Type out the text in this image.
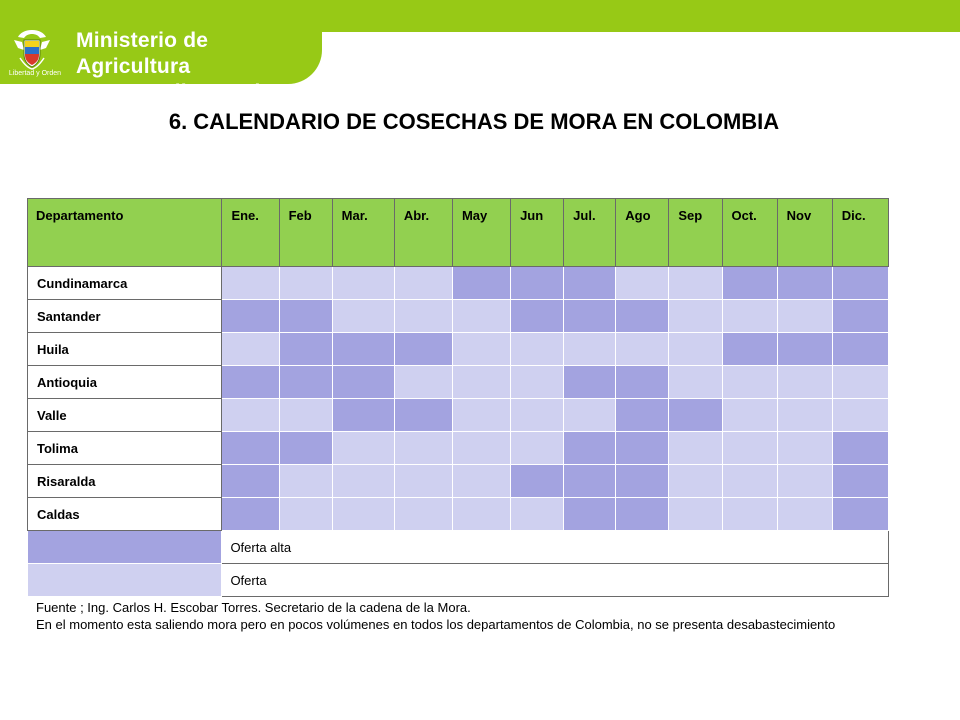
Libertad y Orden
Ministerio de Agricultura
y Desarrollo Rural
6. CALENDARIO DE COSECHAS DE MORA EN COLOMBIA
Departamento	Ene.	Feb	Mar.	Abr.	May	Jun	Jul.	Ago	Sep	Oct.	Nov	Dic.
Cundinamarca												
Santander												
Huila												
Antioquia												
Valle												
Tolima												
Risaralda												
Caldas												
	Oferta alta											
	Oferta											
Fuente ; Ing. Carlos H. Escobar Torres. Secretario de la cadena de la Mora.
En el momento esta saliendo mora pero en pocos volúmenes en todos los departamentos de Colombia, no se presenta desabastecimiento
